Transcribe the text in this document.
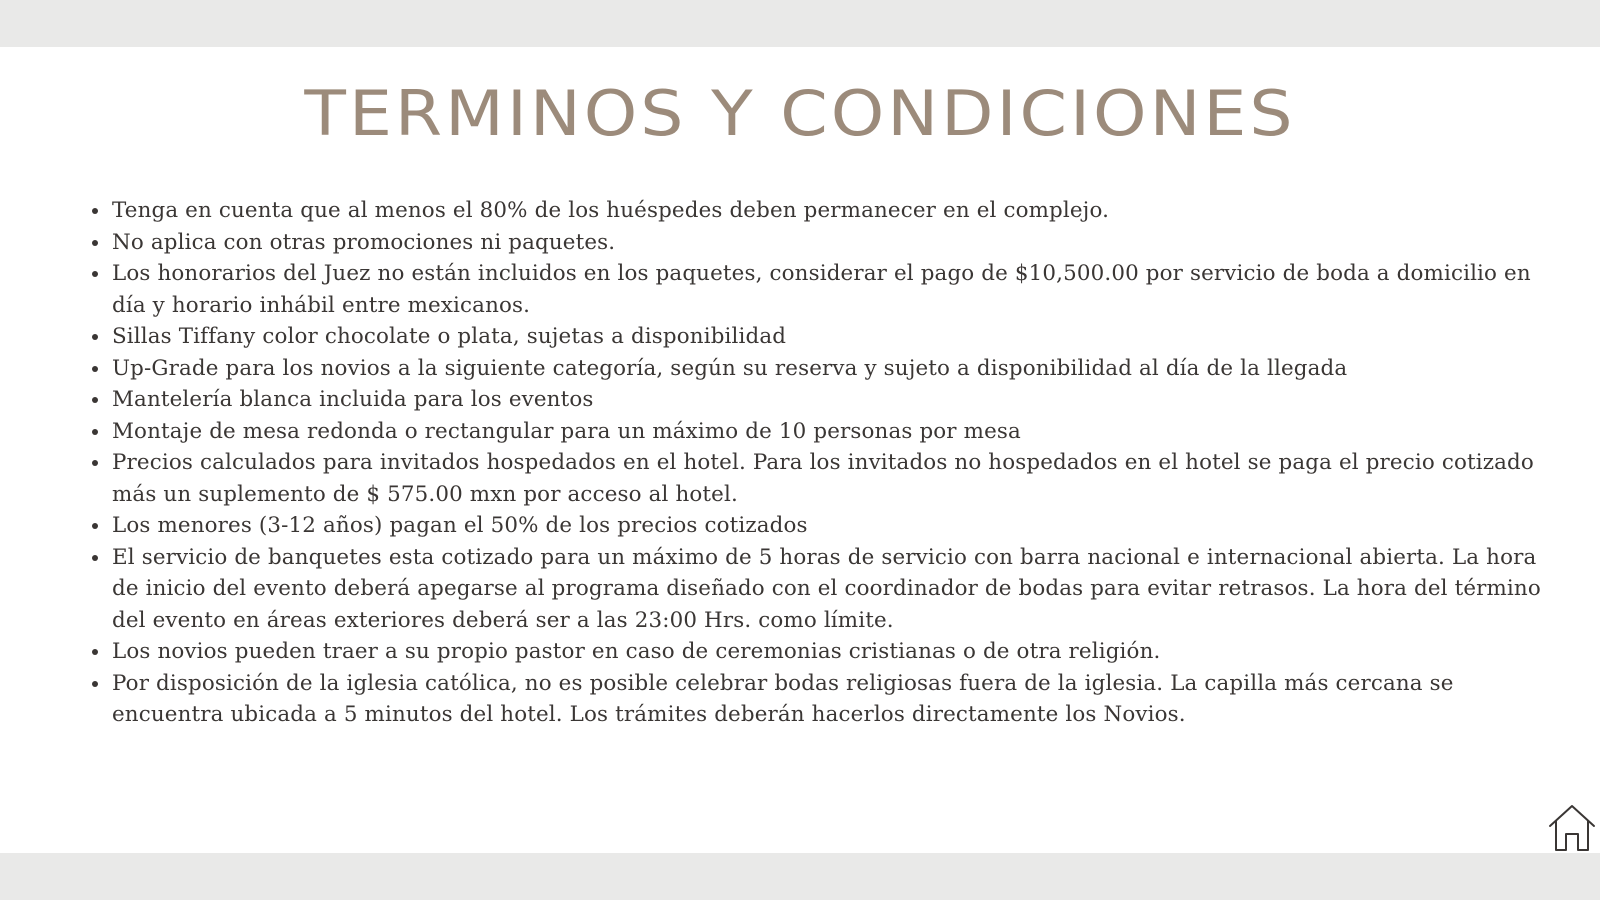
TERMINOS Y CONDICIONES
Tenga en cuenta que al menos el 80% de los huéspedes deben permanecer en el complejo.
No aplica con otras promociones ni paquetes.
Los honorarios del Juez no están incluidos en los paquetes, considerar el pago de $10,500.00 por servicio de boda a domicilio en día y horario inhábil entre mexicanos.
Sillas Tiffany color chocolate o plata, sujetas a disponibilidad
Up-Grade para los novios a la siguiente categoría, según su reserva y sujeto a disponibilidad al día de la llegada
Mantelería blanca incluida para los eventos
Montaje de mesa redonda o rectangular para un máximo de 10 personas por mesa
Precios calculados para invitados hospedados en el hotel. Para los invitados no hospedados en el hotel se paga el precio cotizado más un suplemento de $ 575.00 mxn por acceso al hotel.
Los menores (3-12 años) pagan el 50% de los precios cotizados
El servicio de banquetes esta cotizado para un máximo de 5 horas de servicio con barra nacional e internacional abierta. La hora de inicio del evento deberá apegarse al programa diseñado con el coordinador de bodas para evitar retrasos. La hora del término del evento en áreas exteriores deberá ser a las 23:00 Hrs. como límite.
Los novios pueden traer a su propio pastor en caso de ceremonias cristianas o de otra religión.
Por disposición de la iglesia católica, no es posible celebrar bodas religiosas fuera de la iglesia. La capilla más cercana se encuentra ubicada a 5 minutos del hotel. Los trámites deberán hacerlos directamente los Novios.
